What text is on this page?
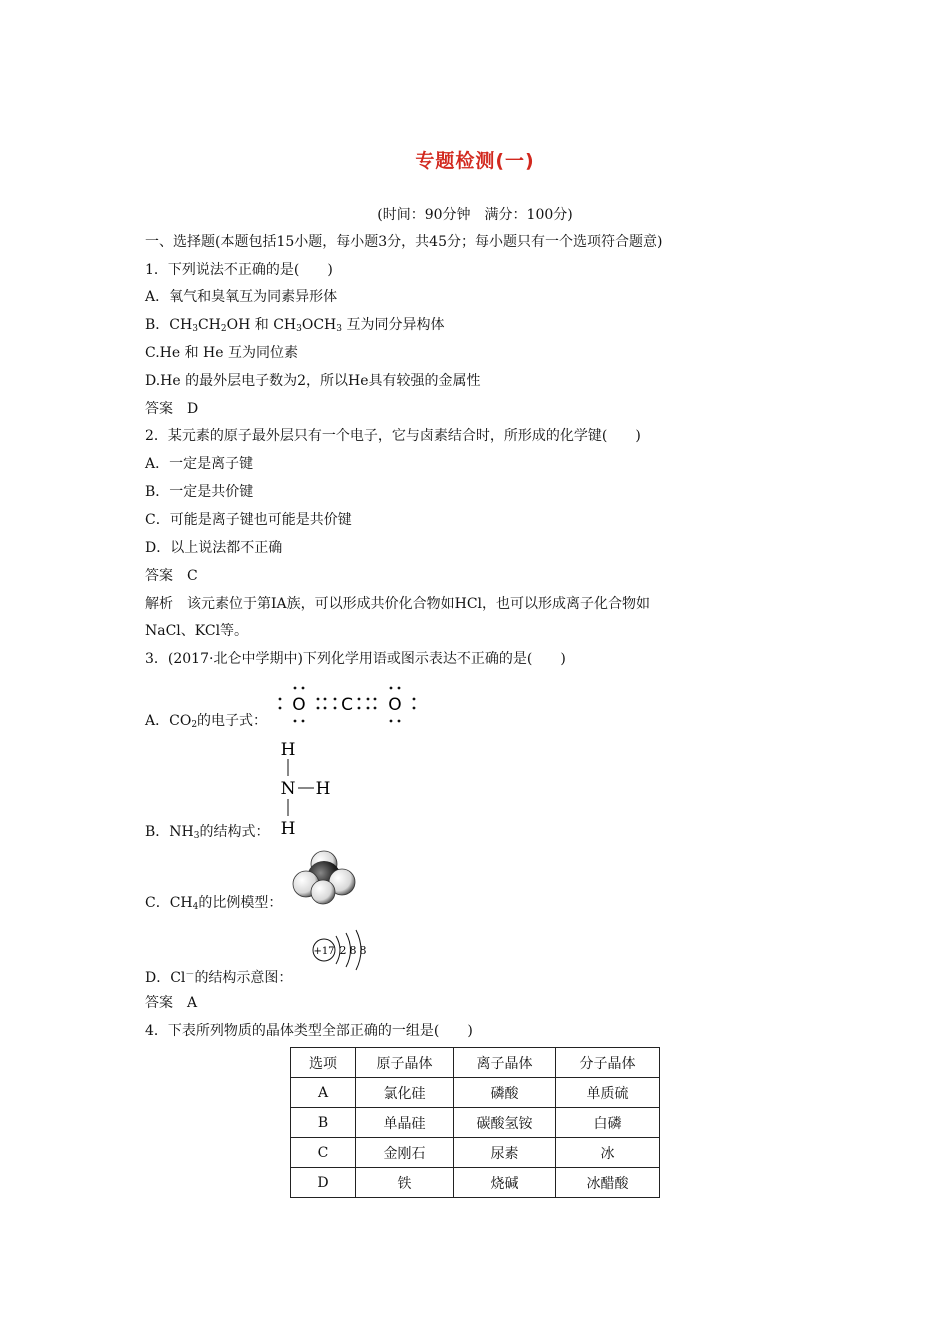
专题检测(一)
(时间：90分钟　满分：100分)
一、选择题(本题包括15小题，每小题3分，共45分；每小题只有一个选项符合题意)
1．下列说法不正确的是(　　)
A．氧气和臭氧互为同素异形体
B．$CH_3CH_2OH$ 和 $CH_3OCH_3$ 互为同分异构体
C.He 和 He 互为同位素
D.He 的最外层电子数为2，所以He具有较强的金属性
答案　D
2．某元素的原子最外层只有一个电子，它与卤素结合时，所形成的化学键(　　)
A．一定是离子键
B．一定是共价键
C．可能是离子键也可能是共价键
D．以上说法都不正确
答案　C
解析　该元素位于第ⅠA族，可以形成共价化合物如HCl，也可以形成离子化合物如
NaCl、KCl等。
3．(2017·北仑中学期中)下列化学用语或图示表达不正确的是(　　)
A．$CO_2$的电子式：
O C O
B．$NH_3$的结构式：
H
N H
H
C．$CH_4$的比例模型：
D．Cl－的结构示意图：
+17 2 8 8
答案　A
4．下表所列物质的晶体类型全部正确的一组是(　　)
选项	原子晶体	离子晶体	分子晶体
A	氯化硅	磷酸	单质硫
B	单晶硅	碳酸氢铵	白磷
C	金刚石	尿素	冰
D	铁	烧碱	冰醋酸
